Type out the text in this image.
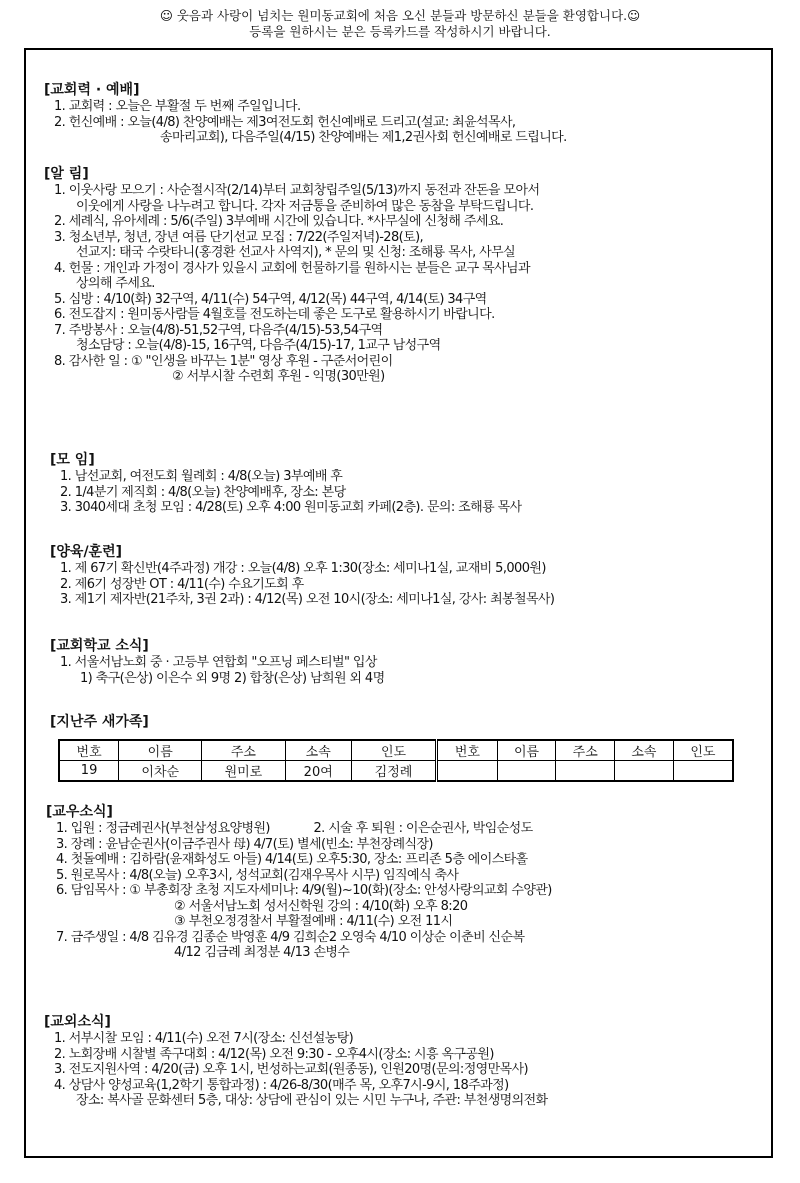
☺ 웃음과 사랑이 넘치는 원미동교회에 처음 오신 분들과 방문하신 분들을 환영합니다.☺
등록을 원하시는 분은 등록카드를 작성하시기 바랍니다.
[교회력 · 예배]
1. 교회력 : 오늘은 부활절 두 번째 주일입니다.
2. 헌신예배 : 오늘(4/8) 찬양예배는 제3여전도회 헌신예배로 드리고(설교: 최윤석목사,
송마리교회), 다음주일(4/15) 찬양예배는 제1,2권사회 헌신예배로 드립니다.
[알 림]
1. 이웃사랑 모으기 : 사순절시작(2/14)부터 교회창립주일(5/13)까지 동전과 잔돈을 모아서
이웃에게 사랑을 나누려고 합니다. 각자 저금통을 준비하여 많은 동참을 부탁드립니다.
2. 세례식, 유아세례 : 5/6(주일) 3부예배 시간에 있습니다. *사무실에 신청해 주세요.
3. 청소년부, 청년, 장년 여름 단기선교 모집 : 7/22(주일저녁)-28(토),
선교지: 태국 수랏타니(홍경환 선교사 사역지), * 문의 및 신청: 조해룡 목사, 사무실
4. 헌물 : 개인과 가정이 경사가 있을시 교회에 헌물하기를 원하시는 분들은 교구 목사님과
상의해 주세요.
5. 심방 : 4/10(화) 32구역, 4/11(수) 54구역, 4/12(목) 44구역, 4/14(토) 34구역
6. 전도잡지 : 원미동사람들 4월호를 전도하는데 좋은 도구로 활용하시기 바랍니다.
7. 주방봉사 : 오늘(4/8)-51,52구역, 다음주(4/15)-53,54구역
청소담당 : 오늘(4/8)-15, 16구역, 다음주(4/15)-17, 1교구 남성구역
8. 감사한 일 : ① "인생을 바꾸는 1분" 영상 후원 - 구준서어린이
② 서부시찰 수련회 후원 - 익명(30만원)
[모 임]
1. 남선교회, 여전도회 월례회 : 4/8(오늘) 3부예배 후
2. 1/4분기 제직회 : 4/8(오늘) 찬양예배후, 장소: 본당
3. 3040세대 초청 모임 : 4/28(토) 오후 4:00 원미동교회 카페(2층). 문의: 조해룡 목사
[양육/훈련]
1. 제 67기 확신반(4주과정) 개강 : 오늘(4/8) 오후 1:30(장소: 세미나1실, 교재비 5,000원)
2. 제6기 성장반 OT : 4/11(수) 수요기도회 후
3. 제1기 제자반(21주차, 3권 2과) : 4/12(목) 오전 10시(장소: 세미나1실, 강사: 최봉철목사)
[교회학교 소식]
1. 서울서남노회 중 · 고등부 연합회 "오프닝 페스티벌" 입상
1) 축구(은상) 이은수 외 9명 2) 합창(은상) 남희원 외 4명
[지난주 새가족]
번호	이름	주소	소속	인도	번호	이름	주소	소속	인도
19	이차순	원미로	20여	김정례					
[교우소식]
1. 입원 : 정금례권사(부천삼성요양병원)	2. 시술 후 퇴원 : 이은순권사, 박임순성도
3. 장례 : 윤남순권사(이금주권사 母) 4/7(토) 별세(빈소: 부천장례식장)
4. 첫돌예배 : 김하람(윤재화성도 아들) 4/14(토) 오후5:30, 장소: 프리존 5층 에이스타홀
5. 원로목사 : 4/8(오늘) 오후3시, 성석교회(김재우목사 시무) 임직예식 축사
6. 담임목사 : ① 부총회장 초청 지도자세미나: 4/9(월)~10(화)(장소: 안성사랑의교회 수양관)
② 서울서남노회 성서신학원 강의 : 4/10(화) 오후 8:20
③ 부천오정경찰서 부활절예배 : 4/11(수) 오전 11시
7. 금주생일 : 4/8 김유경 김종순 박영훈 4/9 김희순2 오영숙 4/10 이상순 이춘비 신순복
4/12 김금례 최정분 4/13 손병수
[교외소식]
1. 서부시찰 모임 : 4/11(수) 오전 7시(장소: 신선설농탕)
2. 노회장배 시찰별 족구대회 : 4/12(목) 오전 9:30 - 오후4시(장소: 시흥 옥구공원)
3. 전도지원사역 : 4/20(금) 오후 1시, 번성하는교회(원종동), 인원20명(문의:정영만목사)
4. 상담사 양성교육(1,2학기 통합과정) : 4/26-8/30(매주 목, 오후7시-9시, 18주과정)
장소: 복사골 문화센터 5층, 대상: 상담에 관심이 있는 시민 누구나, 주관: 부천생명의전화
